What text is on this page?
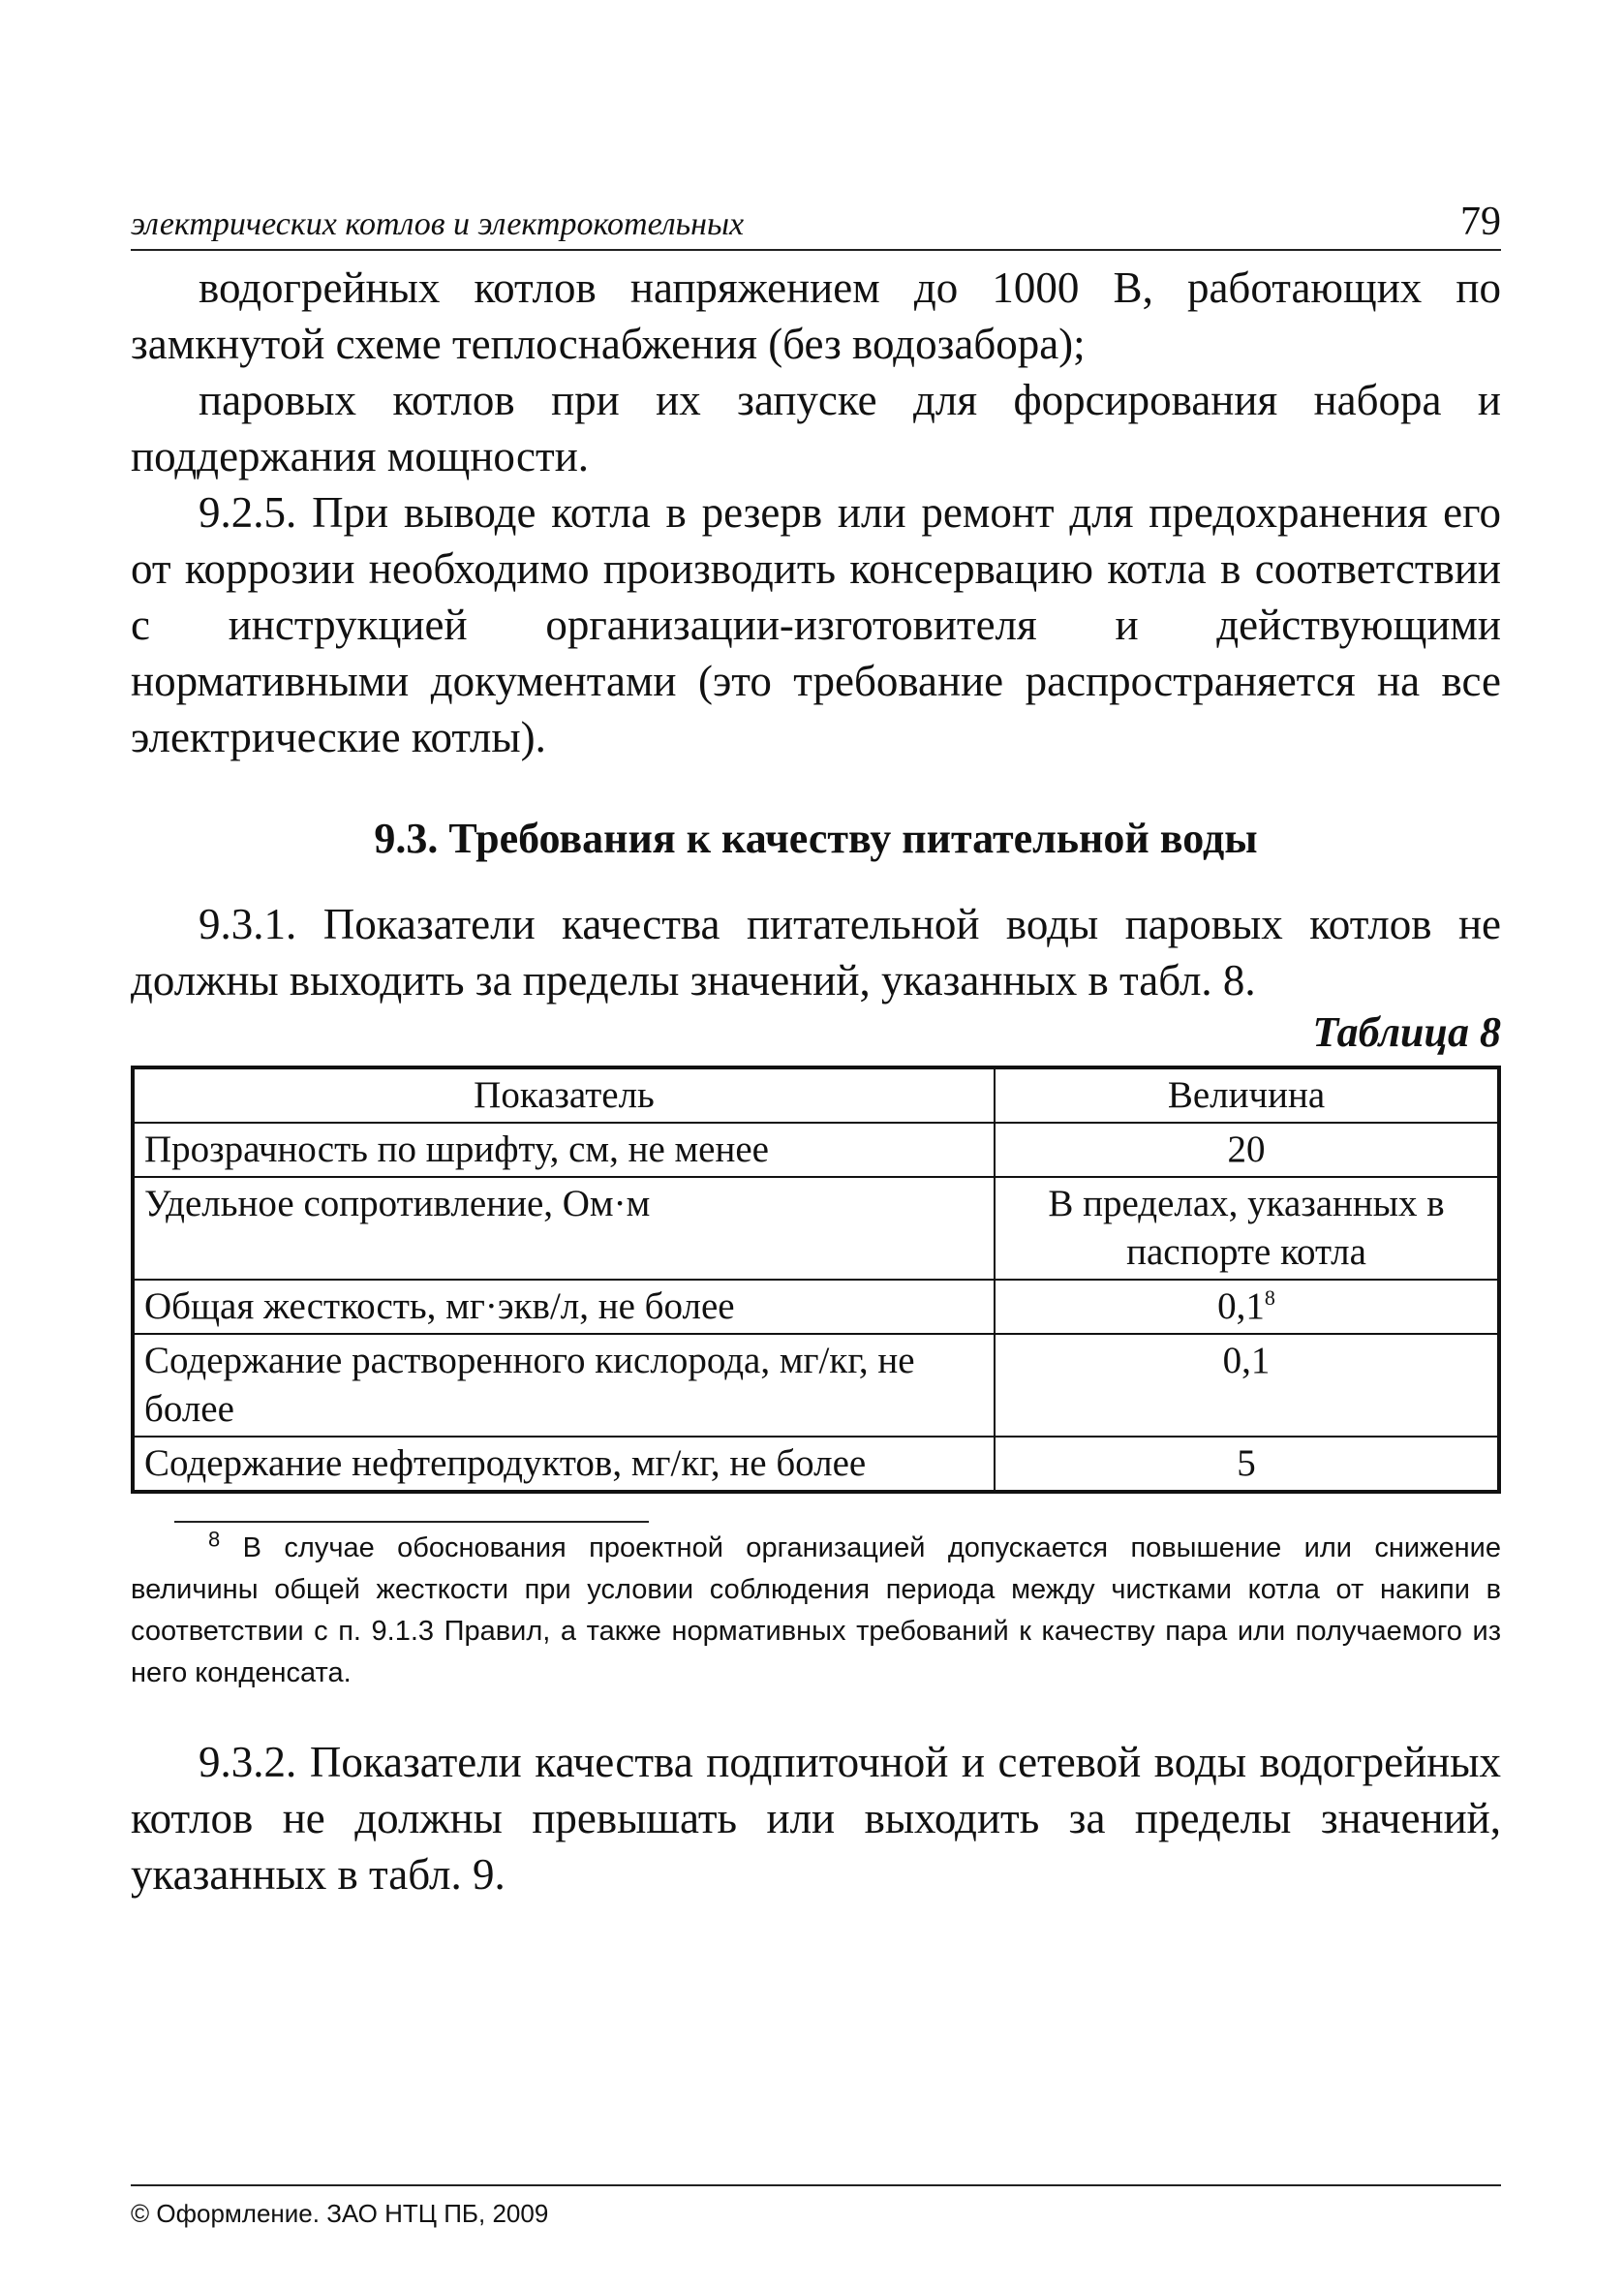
электрических котлов и электрокотельных	79

водогрейных котлов напряжением до 1000 В, работающих по замкнутой схеме теплоснабжения (без водозабора);

паровых котлов при их запуске для форсирования набора и поддержания мощности.

9.2.5. При выводе котла в резерв или ремонт для предохранения его от коррозии необходимо производить консервацию котла в соответствии с инструкцией организации-изготовителя и действующими нормативными документами (это требование распространяется на все электрические котлы).

9.3. Требования к качеству питательной воды

9.3.1. Показатели качества питательной воды паровых котлов не должны выходить за пределы значений, указанных в табл. 8.

Таблица 8
Показатель	Величина
Прозрачность по шрифту, см, не менее	20
Удельное сопротивление, Ом·м	В пределах, указанных в паспорте котла
Общая жесткость, мг·экв/л, не более	0,1$^8$
Содержание растворенного кислорода, мг/кг, не более	0,1
Содержание нефтепродуктов, мг/кг, не более	5

$^8$ В случае обоснования проектной организацией допускается повышение или снижение величины общей жесткости при условии соблюдения периода между чистками котла от накипи в соответствии с п. 9.1.3 Правил, а также нормативных требований к качеству пара или получаемого из него конденсата.

9.3.2. Показатели качества подпиточной и сетевой воды водогрейных котлов не должны превышать или выходить за пределы значений, указанных в табл. 9.

© Оформление. ЗАО НТЦ ПБ, 2009
